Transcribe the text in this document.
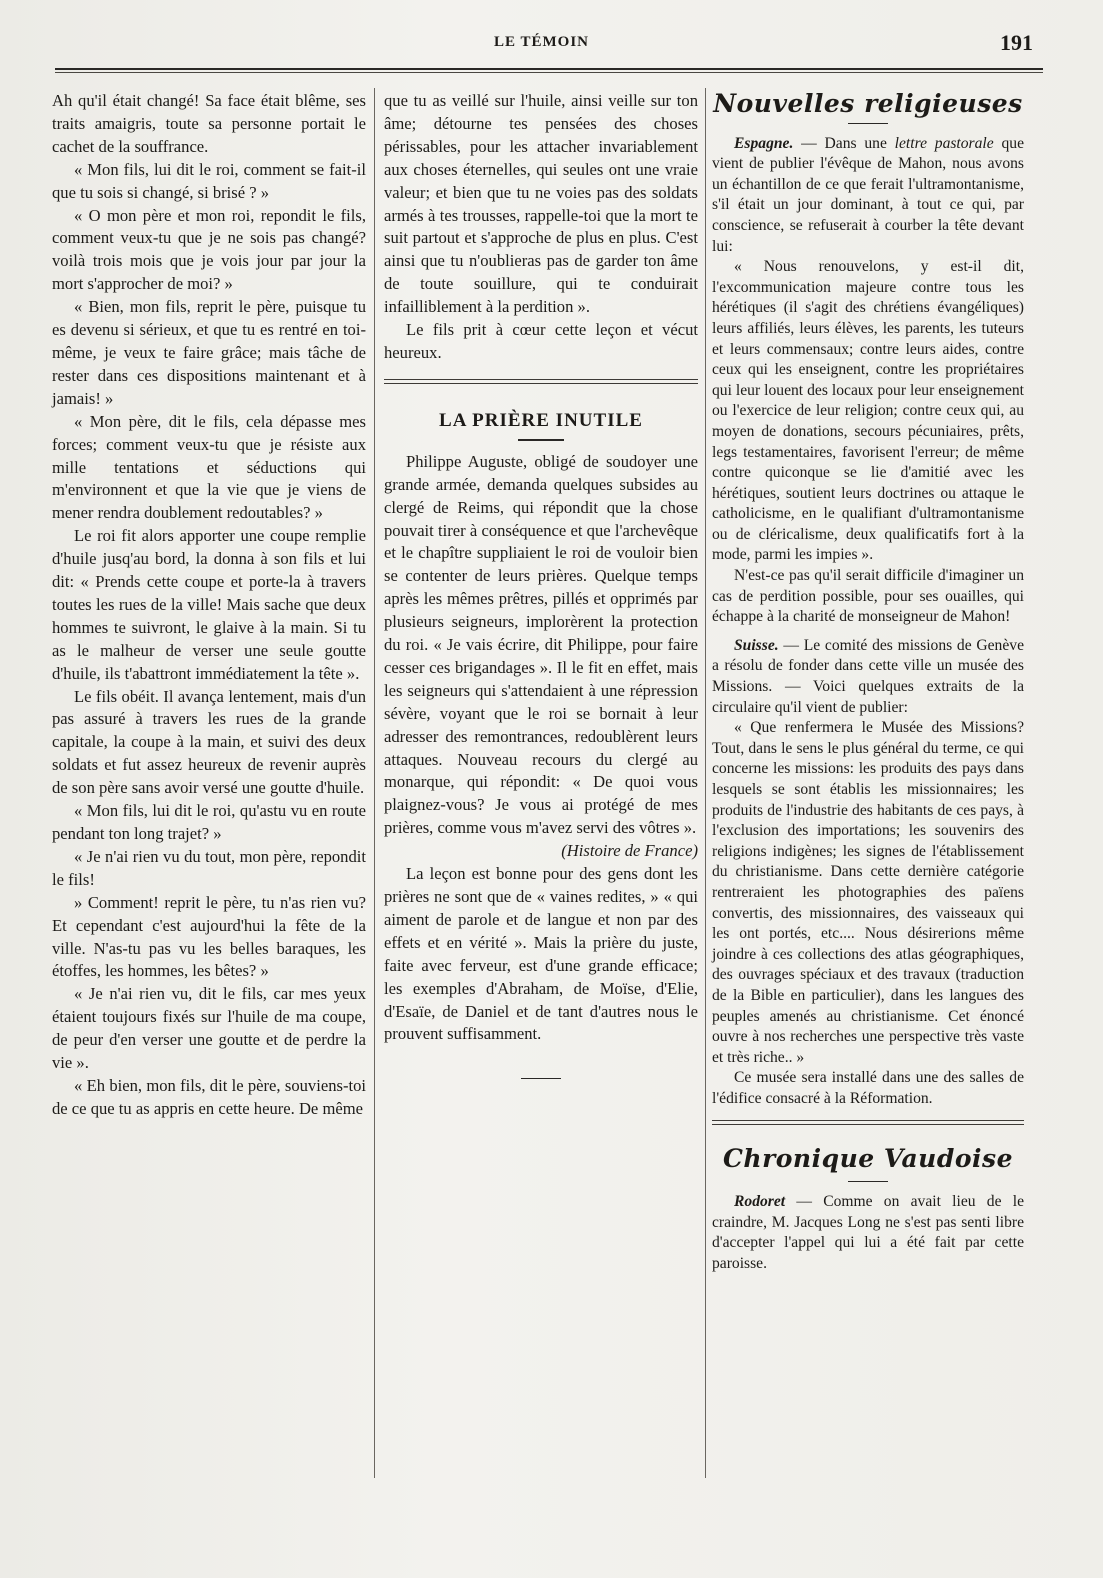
LE TÉMOIN	191

Ah qu'il était changé! Sa face était blême, ses traits amaigris, toute sa personne portait le cachet de la souffrance.

« Mon fils, lui dit le roi, comment se fait-il que tu sois si changé, si brisé ? »

« O mon père et mon roi, repondit le fils, comment veux-tu que je ne sois pas changé? voilà trois mois que je vois jour par jour la mort s'approcher de moi? »

« Bien, mon fils, reprit le père, puisque tu es devenu si sérieux, et que tu es rentré en toi-même, je veux te faire grâce; mais tâche de rester dans ces dispositions maintenant et à jamais! »

« Mon père, dit le fils, cela dépasse mes forces; comment veux-tu que je résiste aux mille tentations et séductions qui m'environnent et que la vie que je viens de mener rendra doublement redoutables? »

Le roi fit alors apporter une coupe remplie d'huile jusq'au bord, la donna à son fils et lui dit: « Prends cette coupe et porte-la à travers toutes les rues de la ville! Mais sache que deux hommes te suivront, le glaive à la main. Si tu as le malheur de verser une seule goutte d'huile, ils t'abattront immédiatement la tête ».

Le fils obéit. Il avança lentement, mais d'un pas assuré à travers les rues de la grande capitale, la coupe à la main, et suivi des deux soldats et fut assez heureux de revenir auprès de son père sans avoir versé une goutte d'huile.

« Mon fils, lui dit le roi, qu'astu vu en route pendant ton long trajet? »

« Je n'ai rien vu du tout, mon père, repondit le fils!

» Comment! reprit le père, tu n'as rien vu? Et cependant c'est aujourd'hui la fête de la ville. N'as-tu pas vu les belles baraques, les étoffes, les hommes, les bêtes? »

« Je n'ai rien vu, dit le fils, car mes yeux étaient toujours fixés sur l'huile de ma coupe, de peur d'en verser une goutte et de perdre la vie ».

« Eh bien, mon fils, dit le père, souviens-toi de ce que tu as appris en cette heure. De même

que tu as veillé sur l'huile, ainsi veille sur ton âme; détourne tes pensées des choses périssables, pour les attacher invariablement aux choses éternelles, qui seules ont une vraie valeur; et bien que tu ne voies pas des soldats armés à tes trousses, rappelle-toi que la mort te suit partout et s'approche de plus en plus. C'est ainsi que tu n'oublieras pas de garder ton âme de toute souillure, qui te conduirait infailliblement à la perdition ».

Le fils prit à cœur cette leçon et vécut heureux.

LA PRIÈRE INUTILE

Philippe Auguste, obligé de soudoyer une grande armée, demanda quelques subsides au clergé de Reims, qui répondit que la chose pouvait tirer à conséquence et que l'archevêque et le chapître suppliaient le roi de vouloir bien se contenter de leurs prières. Quelque temps après les mêmes prêtres, pillés et opprimés par plusieurs seigneurs, implorèrent la protection du roi. « Je vais écrire, dit Philippe, pour faire cesser ces brigandages ». Il le fit en effet, mais les seigneurs qui s'attendaient à une répression sévère, voyant que le roi se bornait à leur adresser des remontrances, redoublèrent leurs attaques. Nouveau recours du clergé au monarque, qui répondit: « De quoi vous plaignez-vous? Je vous ai protégé de mes prières, comme vous m'avez servi des vôtres ».

(Histoire de France)

La leçon est bonne pour des gens dont les prières ne sont que de « vaines redites, » « qui aiment de parole et de langue et non par des effets et en vérité ». Mais la prière du juste, faite avec ferveur, est d'une grande efficace; les exemples d'Abraham, de Moïse, d'Elie, d'Esaïe, de Daniel et de tant d'autres nous le prouvent suffisamment.

Nouvelles religieuses

Espagne. — Dans une lettre pastorale que vient de publier l'évêque de Mahon, nous avons un échantillon de ce que ferait l'ultramontanisme, s'il était un jour dominant, à tout ce qui, par conscience, se refuserait à courber la tête devant lui:

« Nous renouvelons, y est-il dit, l'excommunication majeure contre tous les hérétiques (il s'agit des chrétiens évangéliques) leurs affiliés, leurs élèves, les parents, les tuteurs et leurs commensaux; contre leurs aides, contre ceux qui les enseignent, contre les propriétaires qui leur louent des locaux pour leur enseignement ou l'exercice de leur religion; contre ceux qui, au moyen de donations, secours pécuniaires, prêts, legs testamentaires, favorisent l'erreur; de même contre quiconque se lie d'amitié avec les hérétiques, soutient leurs doctrines ou attaque le catholicisme, en le qualifiant d'ultramontanisme ou de cléricalisme, deux qualificatifs fort à la mode, parmi les impies ».

N'est-ce pas qu'il serait difficile d'imaginer un cas de perdition possible, pour ses ouailles, qui échappe à la charité de monseigneur de Mahon!

Suisse. — Le comité des missions de Genève a résolu de fonder dans cette ville un musée des Missions. — Voici quelques extraits de la circulaire qu'il vient de publier:

« Que renfermera le Musée des Missions? Tout, dans le sens le plus général du terme, ce qui concerne les missions: les produits des pays dans lesquels se sont établis les missionnaires; les produits de l'industrie des habitants de ces pays, à l'exclusion des importations; les souvenirs des religions indigènes; les signes de l'établissement du christianisme. Dans cette dernière catégorie rentreraient les photographies des païens convertis, des missionnaires, des vaisseaux qui les ont portés, etc.... Nous désirerions même joindre à ces collections des atlas géographiques, des ouvrages spéciaux et des travaux (traduction de la Bible en particulier), dans les langues des peuples amenés au christianisme. Cet énoncé ouvre à nos recherches une perspective très vaste et très riche.. »

Ce musée sera installé dans une des salles de l'édifice consacré à la Réformation.

Chronique Vaudoise

Rodoret — Comme on avait lieu de le craindre, M. Jacques Long ne s'est pas senti libre d'accepter l'appel qui lui a été fait par cette paroisse.
